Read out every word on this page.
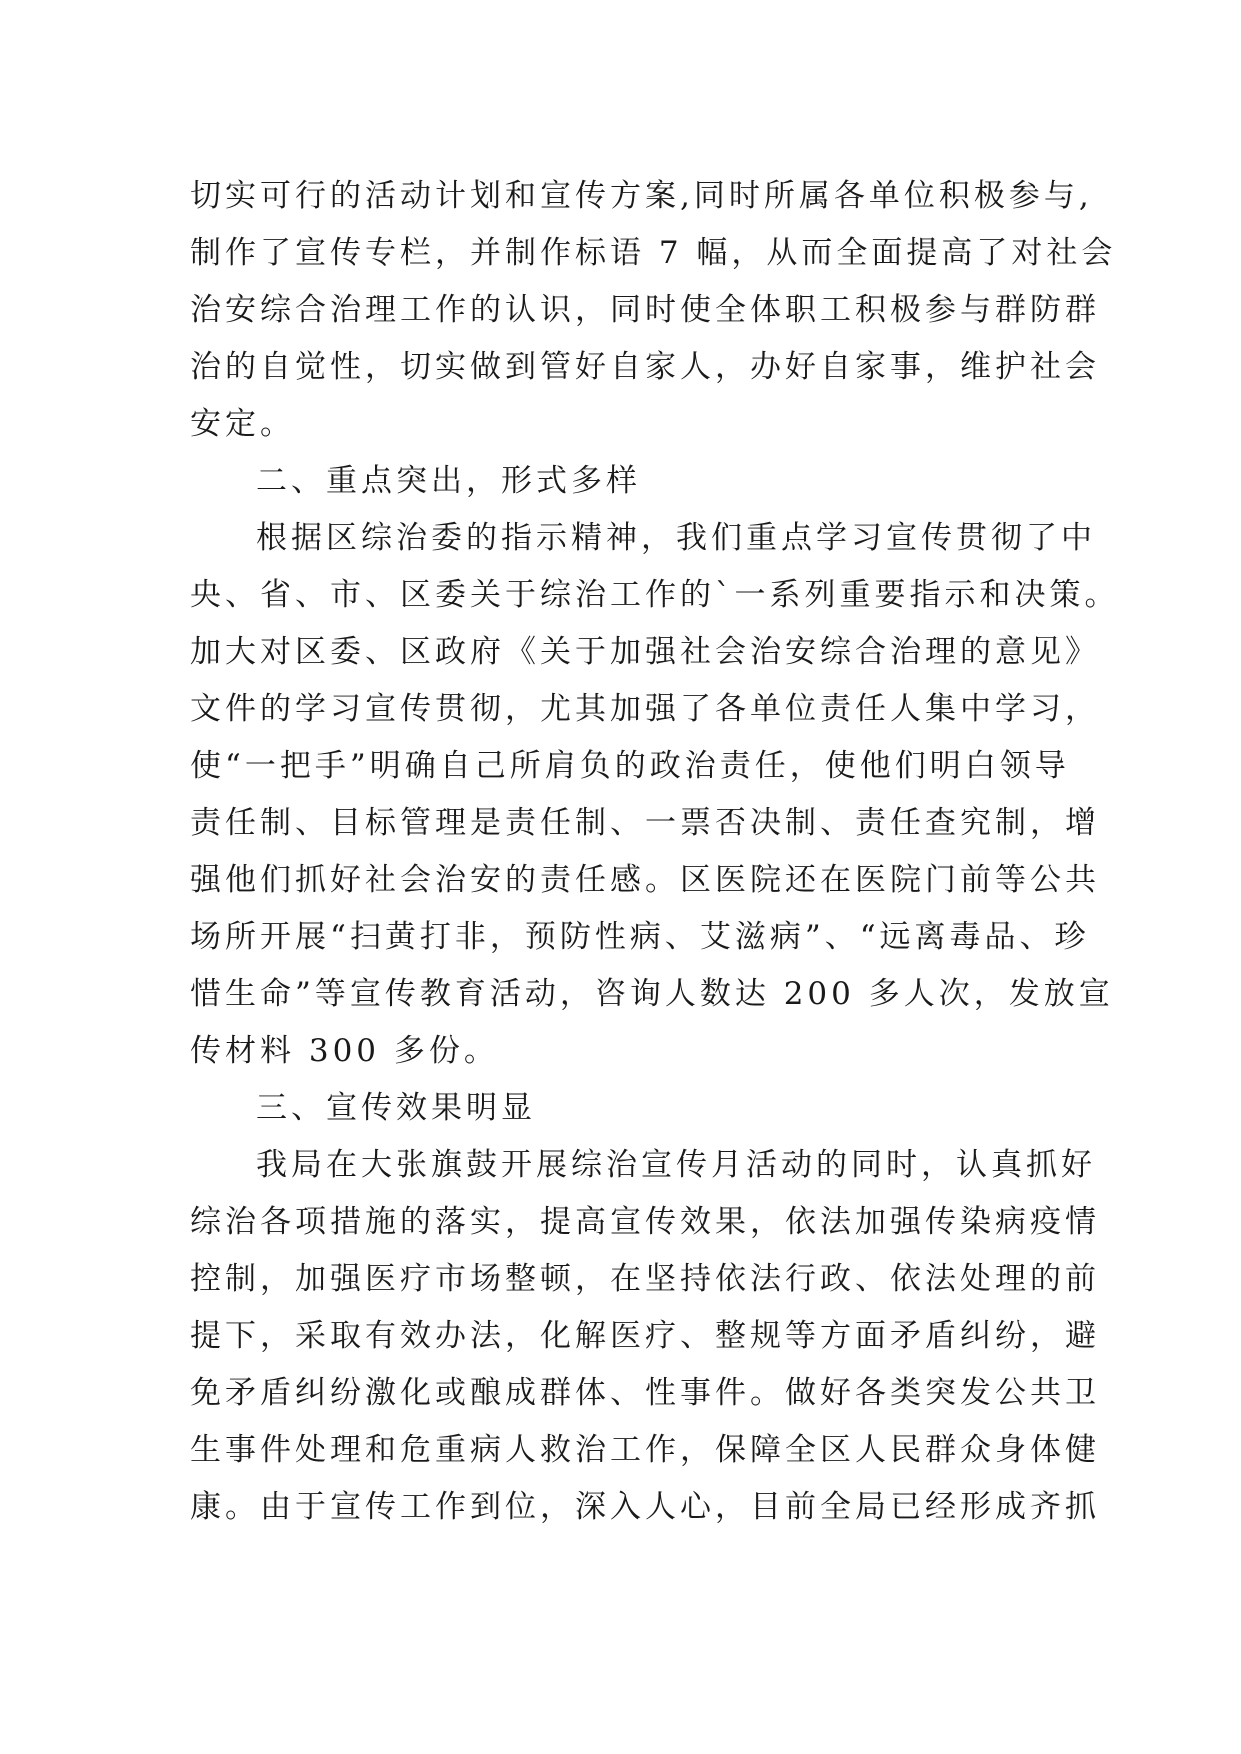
切实可行的活动计划和宣传方案,同时所属各单位积极参与,
制作了宣传专栏，并制作标语 7 幅，从而全面提高了对社会
治安综合治理工作的认识，同时使全体职工积极参与群防群
治的自觉性，切实做到管好自家人，办好自家事，维护社会
安定。
二、重点突出，形式多样
根据区综治委的指示精神，我们重点学习宣传贯彻了中
央、省、市、区委关于综治工作的`一系列重要指示和决策。
加大对区委、区政府《关于加强社会治安综合治理的意见》
文件的学习宣传贯彻，尤其加强了各单位责任人集中学习，
使“一把手”明确自己所肩负的政治责任，使他们明白领导
责任制、目标管理是责任制、一票否决制、责任查究制，增
强他们抓好社会治安的责任感。区医院还在医院门前等公共
场所开展“扫黄打非，预防性病、艾滋病”、“远离毒品、珍
惜生命”等宣传教育活动，咨询人数达 200 多人次，发放宣
传材料 300 多份。
三、宣传效果明显
我局在大张旗鼓开展综治宣传月活动的同时，认真抓好
综治各项措施的落实，提高宣传效果，依法加强传染病疫情
控制，加强医疗市场整顿，在坚持依法行政、依法处理的前
提下，采取有效办法，化解医疗、整规等方面矛盾纠纷，避
免矛盾纠纷激化或酿成群体、性事件。做好各类突发公共卫
生事件处理和危重病人救治工作，保障全区人民群众身体健
康。由于宣传工作到位，深入人心，目前全局已经形成齐抓
